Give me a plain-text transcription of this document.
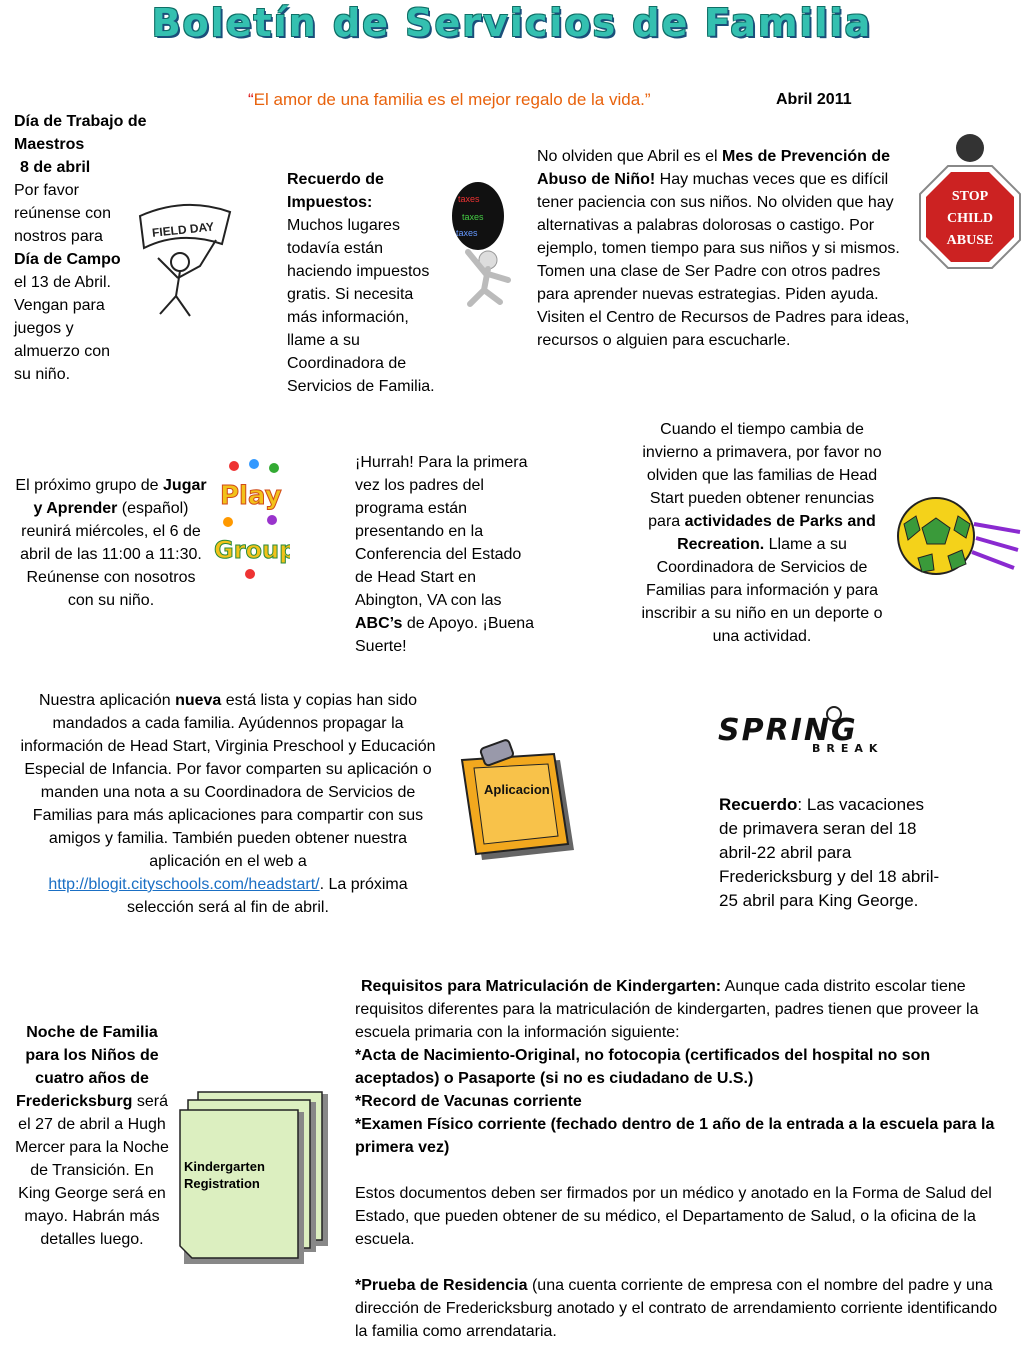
Boletín de Servicios de Familia
“El amor de una familia es el mejor regalo de la vida.”	Abril 2011
Día de Trabajo de Maestros
8 de abril
Por favor reúnense con nostros para Día de Campo el 13 de Abril. Vengan para juegos y almuerzo con su niño.
FIELD DAY
Recuerdo de Impuestos:
Muchos lugares todavía están haciendo impuestos gratis. Si necesita más información, llame a su Coordinadora de Servicios de Familia.
taxes
taxes
taxes
No olviden que Abril es el Mes de Prevención de Abuso de Niño! Hay muchas veces que es difícil tener paciencia con sus niños. No olviden que hay alternativas a palabras dolorosas o castigo. Por ejemplo, tomen tiempo para sus niños y si mismos. Tomen una clase de Ser Padre con otros padres para aprender nuevas estrategias. Piden ayuda. Visiten el Centro de Recursos de Padres para ideas, recursos o alguien para escucharle.
STOP
CHILD
ABUSE
El próximo grupo de Jugar y Aprender (español) reunirá miércoles, el 6 de abril de las 11:00 a 11:30. Reúnense con nosotros con su niño.
Play
Group
¡Hurrah! Para la primera vez los padres del programa están presentando en la Conferencia del Estado de Head Start en Abington, VA con las ABC’s de Apoyo. ¡Buena Suerte!
Cuando el tiempo cambia de invierno a primavera, por favor no olviden que las familias de Head Start pueden obtener renuncias para actividades de Parks and Recreation. Llame a su Coordinadora de Servicios de Familias para información y para inscribir a su niño en un deporte o una actividad.
Nuestra aplicación nueva está lista y copias han sido mandados a cada familia. Ayúdennos propagar la información de Head Start, Virginia Preschool y Educación Especial de Infancia. Por favor comparten su aplicación o manden una nota a su Coordinadora de Servicios de Familias para más aplicaciones para compartir con sus amigos y familia. También pueden obtener nuestra aplicación en el web a http://blogit.cityschools.com/headstart/. La próxima selección será al fin de abril.
Aplicacion
SPRING
BREAK
Recuerdo: Las vacaciones de primavera seran del 18 abril-22 abril para Fredericksburg y del 18 abril-25 abril para King George.
Noche de Familia para los Niños de cuatro años de Fredericksburg será el 27 de abril a Hugh Mercer para la Noche de Transición. En King George será en mayo. Habrán más detalles luego.
Kindergarten Registration
Requisitos para Matriculación de Kindergarten: Aunque cada distrito escolar tiene requisitos diferentes para la matriculación de kindergarten, padres tienen que proveer la escuela primaria con la información siguiente:
*Acta de Nacimiento-Original, no fotocopia (certificados del hospital no son aceptados) o Pasaporte (si no es ciudadano de U.S.)
*Record de Vacunas corriente
*Examen Físico corriente (fechado dentro de 1 año de la entrada a la escuela para la primera vez)
Estos documentos deben ser firmados por un médico y anotado en la Forma de Salud del Estado, que pueden obtener de su médico, el Departamento de Salud, o la oficina de la escuela.
*Prueba de Residencia (una cuenta corriente de empresa con el nombre del padre y una dirección de Fredericksburg anotado y el contrato de arrendamiento corriente identificando la familia como arrendataria.
